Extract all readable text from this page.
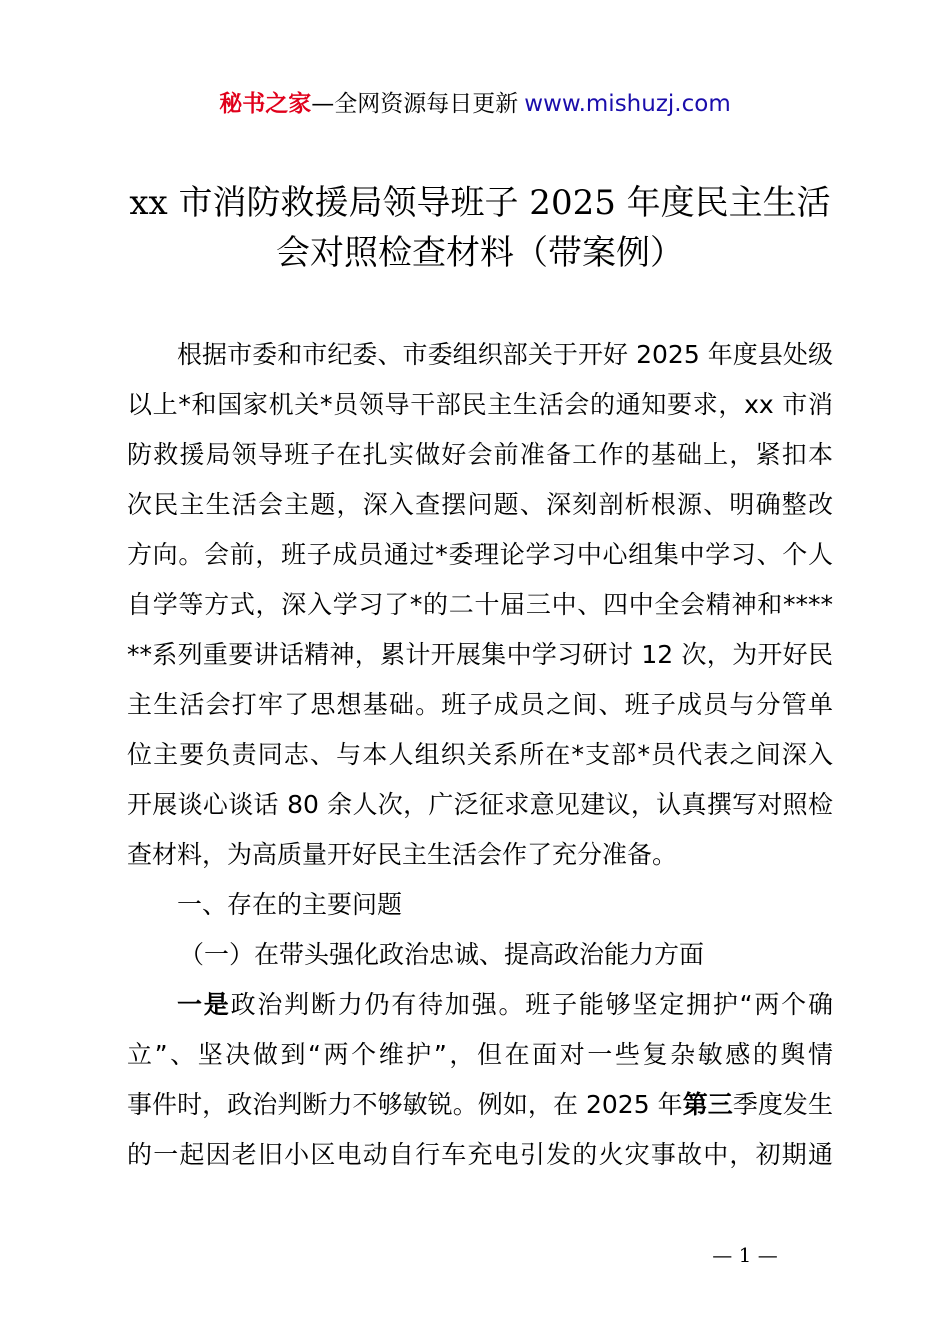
秘书之家—全网资源每日更新 www.mishuzj.com
xx 市消防救援局领导班子 2025 年度民主生活
会对照检查材料（带案例）
根据市委和市纪委、市委组织部关于开好 2025 年度县处级
以上*和国家机关*员领导干部民主生活会的通知要求，xx 市消
防救援局领导班子在扎实做好会前准备工作的基础上，紧扣本
次民主生活会主题，深入查摆问题、深刻剖析根源、明确整改
方向。会前，班子成员通过*委理论学习中心组集中学习、个人
自学等方式，深入学习了*的二十届三中、四中全会精神和****
**系列重要讲话精神，累计开展集中学习研讨 12 次，为开好民
主生活会打牢了思想基础。班子成员之间、班子成员与分管单
位主要负责同志、与本人组织关系所在*支部*员代表之间深入
开展谈心谈话 80 余人次，广泛征求意见建议，认真撰写对照检
查材料，为高质量开好民主生活会作了充分准备。
一、存在的主要问题
（一）在带头强化政治忠诚、提高政治能力方面
一是政治判断力仍有待加强。班子能够坚定拥护“两个确
立”、坚决做到“两个维护”，但在面对一些复杂敏感的舆情
事件时，政治判断力不够敏锐。例如，在 2025 年第三季度发生
的一起因老旧小区电动自行车充电引发的火灾事故中，初期通
— 1 —
